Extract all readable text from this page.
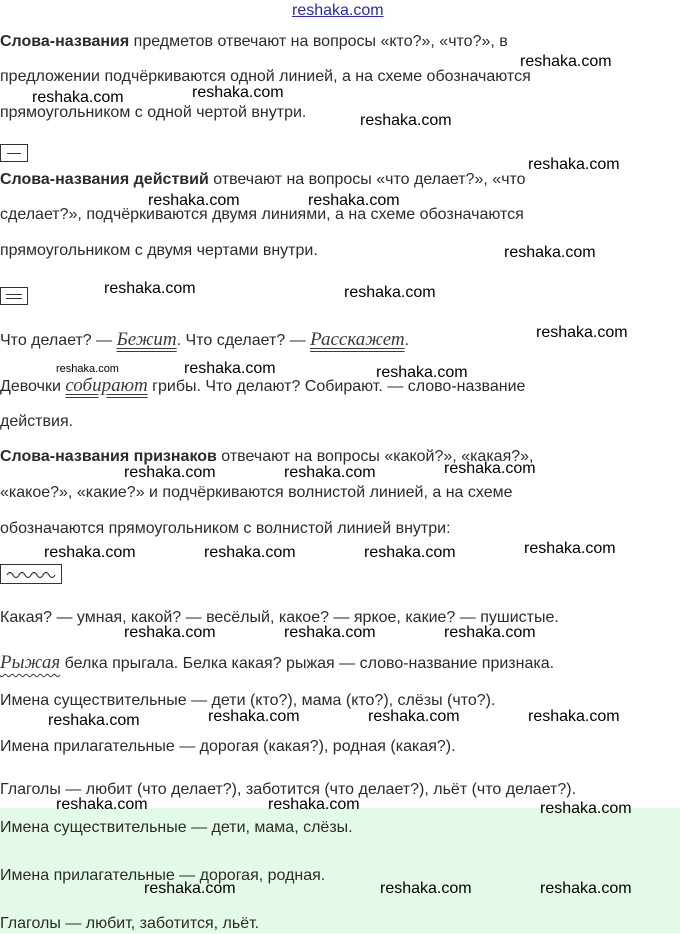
reshaka.com
Слова-названия предметов отвечают на вопросы «кто?», «что?», в
предложении подчёркиваются одной линией, а на схеме обозначаются
прямоугольником с одной чертой внутри.
Слова-названия действий отвечают на вопросы «что делает?», «что
сделает?», подчёркиваются двумя линиями, а на схеме обозначаются
прямоугольником с двумя чертами внутри.
Что делает? — Бежит. Что сделает? — Расскажет.
Девочки собирают грибы. Что делают? Собирают. — слово-название
действия.
Слова-названия признаков отвечают на вопросы «какой?», «какая?»,
«какое?», «какие?» и подчёркиваются волнистой линией, а на схеме
обозначаются прямоугольником с волнистой линией внутри:
Какая? — умная, какой? — весёлый, какое? — яркое, какие? — пушистые.
Рыжая белка прыгала. Белка какая? рыжая — слово-название признака.
Имена существительные — дети (кто?), мама (кто?), слёзы (что?).
Имена прилагательные — дорогая (какая?), родная (какая?).
Глаголы — любит (что делает?), заботится (что делает?), льёт (что делает?).
Имена существительные — дети, мама, слёзы.
Имена прилагательные — дорогая, родная.
Глаголы — любит, заботится, льёт.
reshaka.com
reshaka.com	reshaka.com
reshaka.com
reshaka.com
reshaka.com	reshaka.com
reshaka.com
reshaka.com	reshaka.com
reshaka.com
reshaka.com	reshaka.com	reshaka.com
reshaka.com	reshaka.com	reshaka.com
reshaka.com	reshaka.com	reshaka.com	reshaka.com
reshaka.com	reshaka.com	reshaka.com
reshaka.com	reshaka.com	reshaka.com	reshaka.com
reshaka.com	reshaka.com	reshaka.com
reshaka.com	reshaka.com	reshaka.com
